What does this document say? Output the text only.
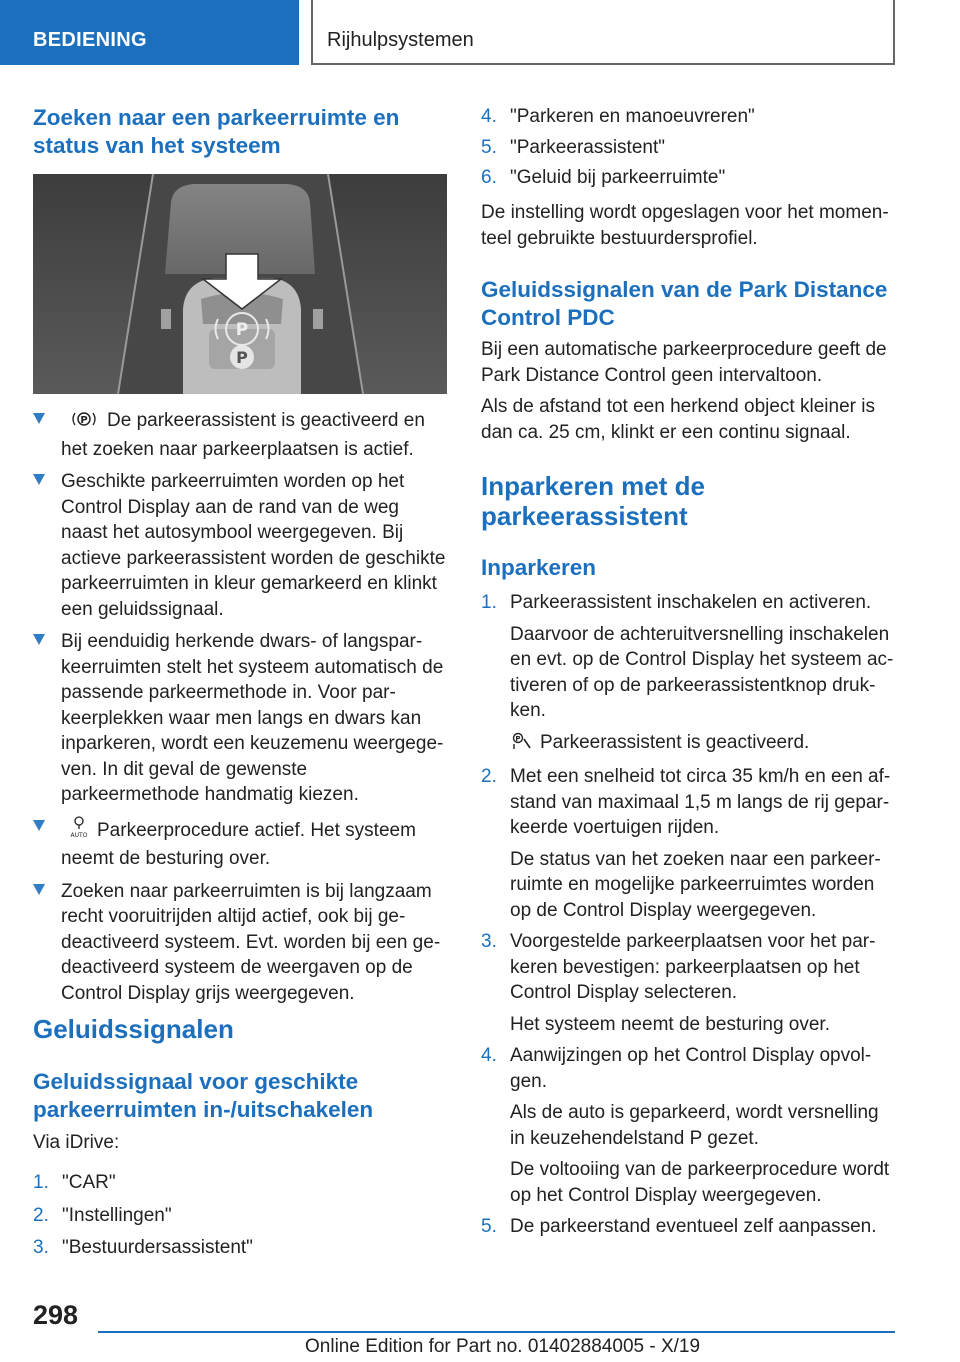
BEDIENING	Rijhulpsystemen
Zoeken naar een parkeerruimte en status van het systeem
P
P
P De parkeerassistent is geactiveerd en het zoeken naar parkeerplaatsen is actief.
Geschikte parkeerruimten worden op het Control Display aan de rand van de weg naast het autosymbool weergegeven. Bij actieve parkeerassistent worden de geschikte parkeerruimten in kleur gemarkeerd en klinkt een geluidssignaal.
Bij eenduidig herkende dwars- of langsparkeerruimten stelt het systeem automatisch de passende parkeermethode in. Voor parkeerplekken waar men langs en dwars kan inparkeren, wordt een keuzemenu weergegeven. In dit geval de gewenste parkeermethode handmatig kiezen.
AUTO Parkeerprocedure actief. Het systeem neemt de besturing over.
Zoeken naar parkeerruimten is bij langzaam recht vooruitrijden altijd actief, ook bij gedeactiveerd systeem. Evt. worden bij een gedeactiveerd systeem de weergaven op de Control Display grijs weergegeven.
Geluidssignalen
Geluidssignaal voor geschikte parkeerruimten in-/uitschakelen

Via iDrive:

1. "CAR"
2. "Instellingen"
3. "Bestuurdersassistent"
4. "Parkeren en manoeuvreren"
5. "Parkeerassistent"
6. "Geluid bij parkeerruimte"

De instelling wordt opgeslagen voor het momenteel gebruikte bestuurdersprofiel.

Geluidssignalen van de Park Distance Control PDC

Bij een automatische parkeerprocedure geeft de Park Distance Control geen intervaltoon.

Als de afstand tot een herkend object kleiner is dan ca. 25 cm, klinkt er een continu signaal.

Inparkeren met de parkeerassistent
Inparkeren
1. Parkeerassistent inschakelen en activeren.
Daarvoor de achteruitversnelling inschakelen en evt. op de Control Display het systeem activeren of op de parkeerassistentknop drukken.
P Parkeerassistent is geactiveerd.
2. Met een snelheid tot circa 35 km/h en een afstand van maximaal 1,5 m langs de rij geparkeerde voertuigen rijden.
De status van het zoeken naar een parkeerruimte en mogelijke parkeerruimtes worden op de Control Display weergegeven.
3. Voorgestelde parkeerplaatsen voor het parkeren bevestigen: parkeerplaatsen op het Control Display selecteren.
Het systeem neemt de besturing over.
4. Aanwijzingen op het Control Display opvolgen.
Als de auto is geparkeerd, wordt versnelling in keuzehendelstand P gezet.
De voltooiing van de parkeerprocedure wordt op het Control Display weergegeven.
5. De parkeerstand eventueel zelf aanpassen.
298
Online Edition for Part no. 01402884005 - X/19
